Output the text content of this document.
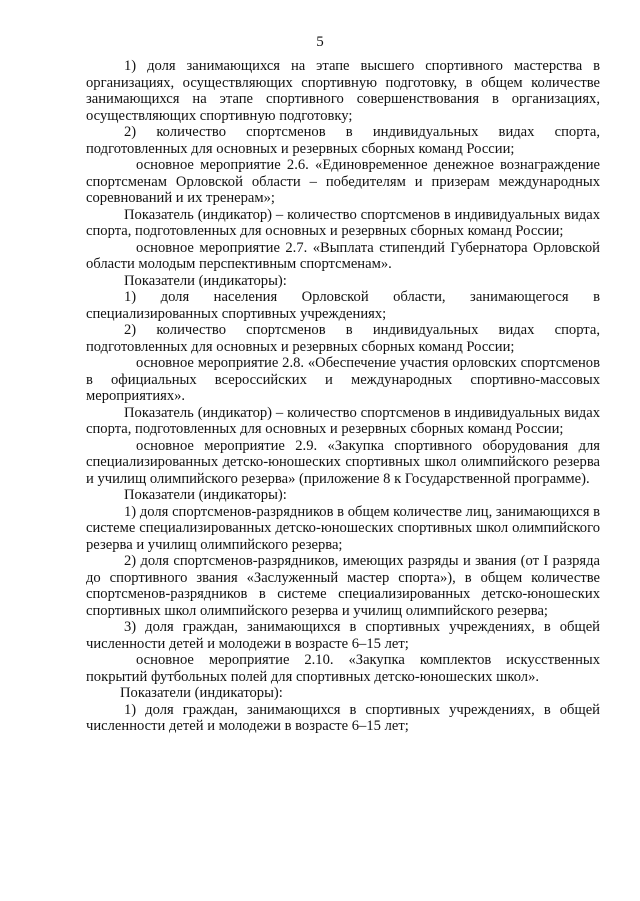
5

1) доля занимающихся на этапе высшего спортивного мастерства в организациях, осуществляющих спортивную подготовку, в общем количестве занимающихся на этапе спортивного совершенствования в организациях, осуществляющих спортивную подготовку;

2) количество спортсменов в индивидуальных видах спорта, подготовленных для основных и резервных сборных команд России;

основное мероприятие 2.6. «Единовременное денежное вознаграждение спортсменам Орловской области – победителям и призерам международных соревнований и их тренерам»;

Показатель (индикатор) – количество спортсменов в индивидуальных видах спорта, подготовленных для основных и резервных сборных команд России;

основное мероприятие 2.7. «Выплата стипендий Губернатора Орловской области молодым перспективным спортсменам».

Показатели (индикаторы):

1) доля населения Орловской области, занимающегося в специализированных спортивных учреждениях;

2) количество спортсменов в индивидуальных видах спорта, подготовленных для основных и резервных сборных команд России;

основное мероприятие 2.8. «Обеспечение участия орловских спортсменов в официальных всероссийских и международных спортивно-массовых мероприятиях».

Показатель (индикатор) – количество спортсменов в индивидуальных видах спорта, подготовленных для основных и резервных сборных команд России;

основное мероприятие 2.9. «Закупка спортивного оборудования для специализированных детско-юношеских спортивных школ олимпийского резерва и училищ олимпийского резерва» (приложение 8 к Государственной программе).

Показатели (индикаторы):

1) доля спортсменов-разрядников в общем количестве лиц, занимающихся в системе специализированных детско-юношеских спортивных школ олимпийского резерва и училищ олимпийского резерва;

2) доля спортсменов-разрядников, имеющих разряды и звания (от I разряда до спортивного звания «Заслуженный мастер спорта»), в общем количестве спортсменов-разрядников в системе специализированных детско-юношеских спортивных школ олимпийского резерва и училищ олимпийского резерва;

3) доля граждан, занимающихся в спортивных учреждениях, в общей численности детей и молодежи в возрасте 6–15 лет;

основное мероприятие 2.10. «Закупка комплектов искусственных покрытий футбольных полей для спортивных детско-юношеских школ».

Показатели (индикаторы):

1) доля граждан, занимающихся в спортивных учреждениях, в общей численности детей и молодежи в возрасте 6–15 лет;
